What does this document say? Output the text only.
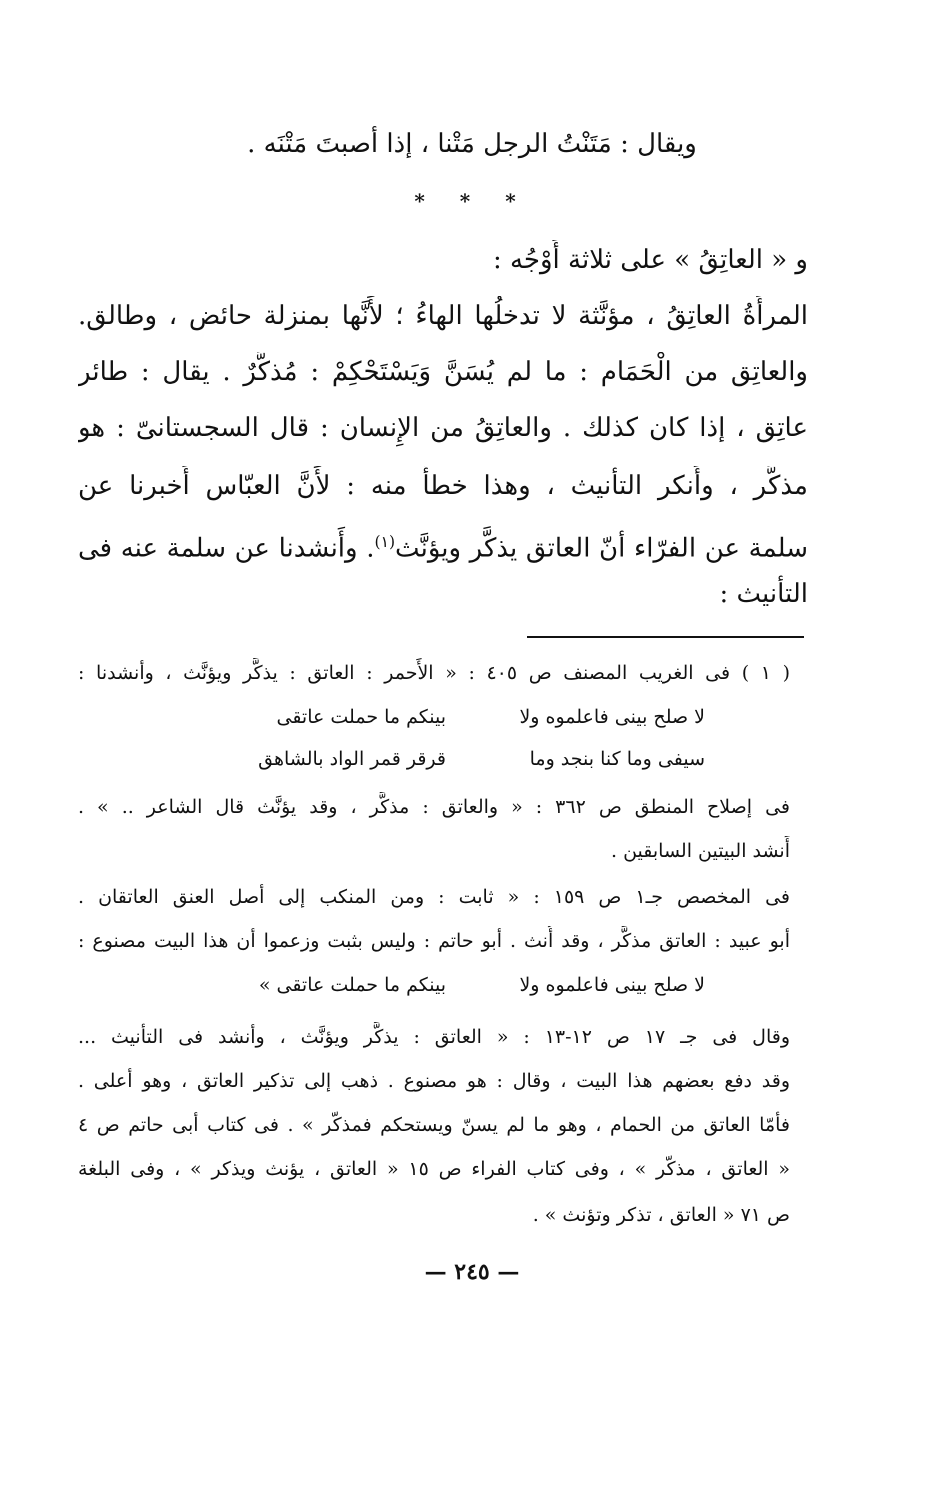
ويقال : مَتَنْتُ الرجل مَتْنا ، إذا أصبتَ مَتْنَه .
* * *
و « العاتِقُ » على ثلاثة أَوْجُه :
المرأَةُ العاتِقُ ، مؤنَّثة لا تدخلُها الهاءُ ؛ لأَنَّها بمنزلة حائض ، وطالق.
والعاتِق من الْحَمَام : ما لم يُسَنَّ وَيَسْتَحْكِمْ : مُذكَّرٌ . يقال : طائر
عاتِق ، إذا كان كذلك . والعاتِقُ من الإِنسان : قال السجستانىّ : هو
مذكَّر ، وأَنكر التأْنيث ، وهذا خطأٌ منه : لأَنَّ العبّاس أَخبرنا عن
سلمة عن الفرّاء أنّ العاتق يذكَّر ويؤنَّث$^{(١)}$. وأَنشدنا عن سلمة عنه فى
التأْنيث :
( ١ ) فى الغريب المصنف ص ٤٠٥ : « الأَحمر : العاتق : يذكَّر ويؤنَّث ، وأنشدنا :
لا صلح بينى فاعلموه ولا
بينكم ما حملت عاتقى
سيفى وما كنا بنجد وما
قرقر قمر الواد بالشاهق
فى إصلاح المنطق ص ٣٦٢ : « والعاتق : مذكَّر ، وقد يؤنَّث قال الشاعر .. » .
أَنشد البيتين السابقين .
فى المخصص جـ١ ص ١٥٩ : « ثابت : ومن المنكب إلى أصل العنق العاتقان .
أبو عبيد : العاتق مذكَّر ، وقد أُنث . أبو حاتم : وليس بثبت وزعموا أن هذا البيت مصنوع :
لا صلح بينى فاعلموه ولا
بينكم ما حملت عاتقى »
وقال فى جـ ١٧ ص ١٢-١٣ : « العاتق : يذكَّر ويؤنَّث ، وأنشد فى التأْنيث ...
وقد دفع بعضهم هذا البيت ، وقال : هو مصنوع . ذهب إلى تذكير العاتق ، وهو أعلى .
فأمّا العاتق من الحمام ، وهو ما لم يسنّ ويستحكم فمذكّر » . فى كتاب أبى حاتم ص ٤
« العاتق ، مذكّر » ، وفى كتاب الفراء ص ١٥ « العاتق ، يؤنث ويذكر » ، وفى البلغة
ص ٧١ « العاتق ، تذكر وتؤنث » .
— ٢٤٥ —
